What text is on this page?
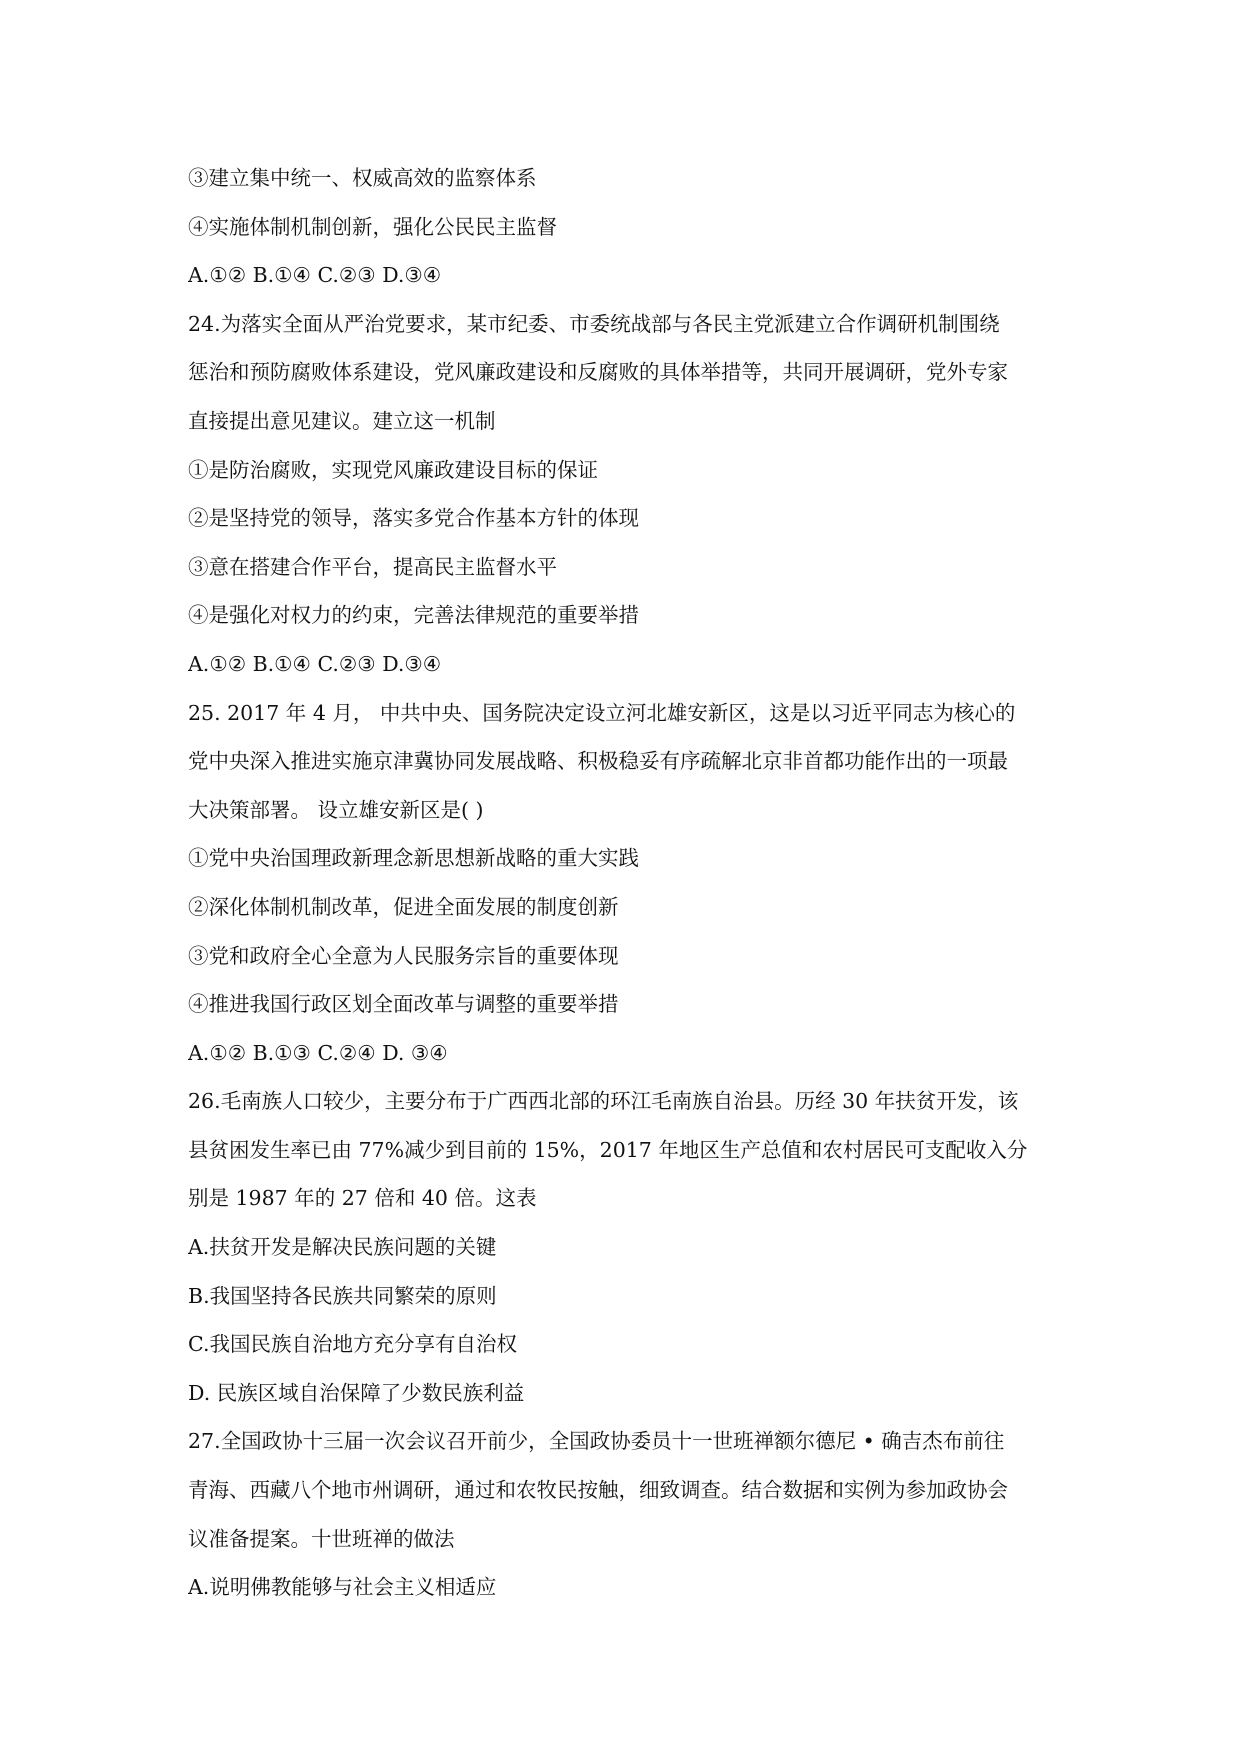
③建立集中统一、权威高效的监察体系
④实施体制机制创新，强化公民民主监督
A.①② B.①④ C.②③ D.③④
24.为落实全面从严治党要求，某市纪委、市委统战部与各民主党派建立合作调研机制围绕
惩治和预防腐败体系建设，党风廉政建设和反腐败的具体举措等，共同开展调研，党外专家
直接提出意见建议。建立这一机制
①是防治腐败，实现党风廉政建设目标的保证
②是坚持党的领导，落实多党合作基本方针的体现
③意在搭建合作平台，提高民主监督水平
④是强化对权力的约束，完善法律规范的重要举措
A.①② B.①④ C.②③ D.③④
25. 2017 年 4 月， 中共中央、国务院决定设立河北雄安新区，这是以习近平同志为核心的
党中央深入推进实施京津冀协同发展战略、积极稳妥有序疏解北京非首都功能作出的一项最
大决策部署。 设立雄安新区是( )
①党中央治国理政新理念新思想新战略的重大实践
②深化体制机制改革，促进全面发展的制度创新
③党和政府全心全意为人民服务宗旨的重要体现
④推进我国行政区划全面改革与调整的重要举措
A.①② B.①③ C.②④ D. ③④
26.毛南族人口较少，主要分布于广西西北部的环江毛南族自治县。历经 30 年扶贫开发，该
县贫困发生率已由 77%减少到目前的 15%，2017 年地区生产总值和农村居民可支配收入分
别是 1987 年的 27 倍和 40 倍。这表
A.扶贫开发是解决民族问题的关键
B.我国坚持各民族共同繁荣的原则
C.我国民族自治地方充分享有自治权
D. 民族区域自治保障了少数民族利益
27.全国政协十三届一次会议召开前少，全国政协委员十一世班禅额尔德尼 • 确吉杰布前往
青海、西藏八个地市州调研，通过和农牧民按触，细致调查。结合数据和实例为参加政协会
议准备提案。十世班禅的做法
A.说明佛教能够与社会主义相适应
